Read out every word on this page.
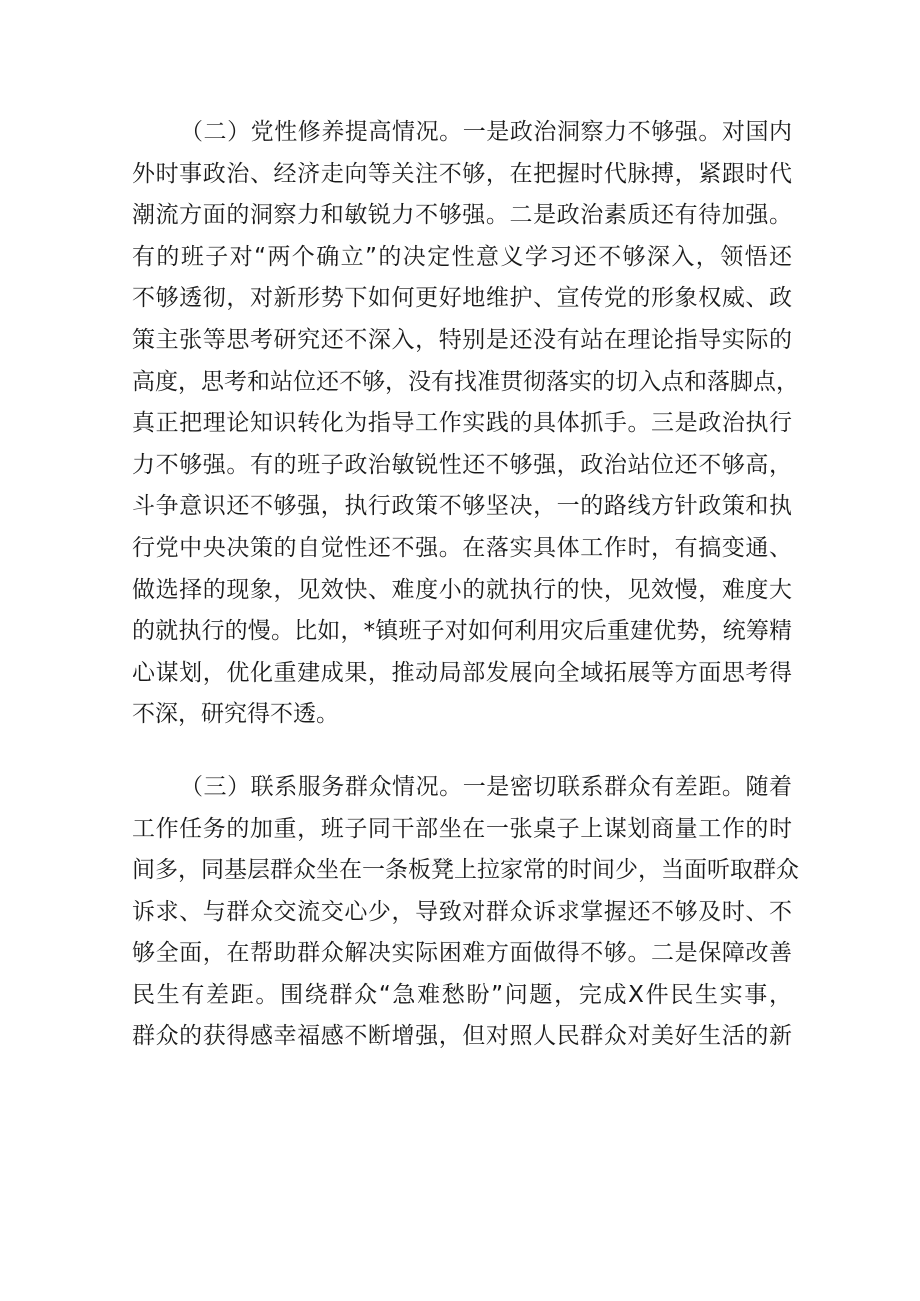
（二）党性修养提高情况。一是政治洞察力不够强。对国内
外时事政治、经济走向等关注不够，在把握时代脉搏，紧跟时代
潮流方面的洞察力和敏锐力不够强。二是政治素质还有待加强。
有的班子对“两个确立”的决定性意义学习还不够深入，领悟还
不够透彻，对新形势下如何更好地维护、宣传党的形象权威、政
策主张等思考研究还不深入，特别是还没有站在理论指导实际的
高度，思考和站位还不够，没有找准贯彻落实的切入点和落脚点，
真正把理论知识转化为指导工作实践的具体抓手。三是政治执行
力不够强。有的班子政治敏锐性还不够强，政治站位还不够高，
斗争意识还不够强，执行政策不够坚决，一的路线方针政策和执
行党中央决策的自觉性还不强。在落实具体工作时，有搞变通、
做选择的现象，见效快、难度小的就执行的快，见效慢，难度大
的就执行的慢。比如，*镇班子对如何利用灾后重建优势，统筹精
心谋划，优化重建成果，推动局部发展向全域拓展等方面思考得
不深，研究得不透。
（三）联系服务群众情况。一是密切联系群众有差距。随着
工作任务的加重，班子同干部坐在一张桌子上谋划商量工作的时
间多，同基层群众坐在一条板凳上拉家常的时间少，当面听取群众
诉求、与群众交流交心少，导致对群众诉求掌握还不够及时、不
够全面，在帮助群众解决实际困难方面做得不够。二是保障改善
民生有差距。围绕群众“急难愁盼”问题，完成X件民生实事，
群众的获得感幸福感不断增强，但对照人民群众对美好生活的新
